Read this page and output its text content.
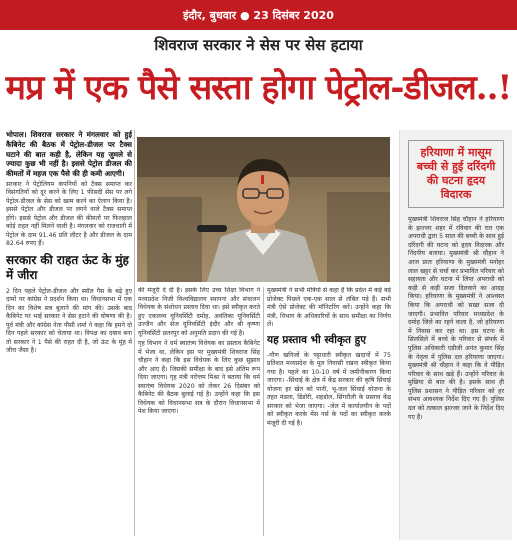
इंदौर, बुधवार ● 23 दिसंबर 2020
शिवराज सरकार ने सेस पर सेस हटाया
मप्र में एक पैसे सस्ता होगा पेट्रोल-डीजल..!

भोपाल। शिवराज सरकार ने मंगलवार को हुई कैबिनेट की बैठक में पेट्रोल-डीजल पर टैक्स घटाने की बात कही है, लेकिन यह जुमले से ज्यादा कुछ भी नहीं है। इससे पेट्रोल डीजल की कीमतों में महज एक पैसे की ही कमी आएगी।

सरकार ने पेट्रोलियम कंपनियों को टैक्स समाप्त कर विसंगतियों को दूर करने के लिए 1 फीसदी सेस पर लगे पेट्रोल-डीजल के सेस को खत्म करने का ऐलान किया है। इससे पेट्रोल और डीजल पर लगने वाले टैक्स समाप्त होंगे। इससे पेट्रोल और डीजल की कीमतों पर फिलहाल कोई राहत नहीं मिलने वाली है। मंगलवार को राजधानी में पेट्रोल के दाम 91.46 प्रति लीटर है और डीजल के दाम 82.64 रुपए हैं।

सरकार की राहत ऊंट के मुंह में जीरा

2 दिन पहले पेट्रोल-डीजल और स्मॉल गैस के बढ़े हुए दामों पर कांग्रेस ने प्रदर्शन किया था। विधानसभा में एक दिन का विशेष सत्र बुलाने की मांग की। उसके बाद कैबिनेट पर भाई सरकार ने सेस हटाने की घोषणा की है। पूर्व मंत्री और कांग्रेस नेता पीसी शर्मा ने कहा कि हमने दो दिन पहले सरकार को चेताया था। विपक्ष का दबाव बना तो सरकार ने 1 पैसे की राहत दी है, जो ऊंट के मुंह में जीरा जैसा है।

की मंजूरी दे दी है। इसके लिए उच्च शिक्षा विभाग ने मध्यप्रदेश निजी विश्वविद्यालय स्थापना और संचालन विधेयक के संशोधन प्रस्ताव दिया था। इसे स्वीकृत करते हुए एकलव्य यूनिवर्सिटी दमोह, अवंतिका यूनिवर्सिटी उज्जैन और सेज यूनिवर्सिटी इंदौर और श्री कृष्णा यूनिवर्सिटी छतरपुर को अनुमति प्रदान की गई है।

गृह विभाग ने धर्म स्वातंत्र्य विधेयक का प्रस्ताव कैबिनेट में भेजा था, लेकिन इस पर मुख्यमंत्री शिवराज सिंह चौहान ने कहा कि इस विधेयक के लिए कुछ सुझाव और आए हैं। जिसकी समीक्षा के बाद इसे अंतिम रूप दिया जाएगा। गृह मंत्री नरोत्तम मिश्रा ने बताया कि धर्म स्वातंत्र्य विधेयक 2020 को लेकर 26 दिसंबर को कैबिनेट की बैठक बुलाई गई है। उन्होंने कहा कि इस विधेयक को विधानसभा सत्र के दौरान विधानसभा में पेश किया जाएगा।

मुख्यमंत्री ने सभी मंत्रियों से कहा है कि प्रदेश में कई बड़े प्रोजेक्ट पिछले एक-एक साल से लंबित पड़े हैं। सभी मंत्री ऐसे प्रोजेक्ट की मॉनिटरिंग करें। उन्होंने कहा कि मंत्री, विभाग के अधिकारियों के साथ समीक्षा का निर्णय लें।

यह प्रस्ताव भी स्वीकृत हुए

-गौण खनिजों के पट्टाधारी स्वीकृत खदानों में 75 प्रतिशत मध्यप्रदेश के मूल निवासी रखना स्वीकृत किया गया है। पहले का 10-10 वर्ष में जमीनीकरण किया जाएगा। -सिंचाई के क्षेत्र में केंद्र सरकार की कृषि सिंचाई योजना हर खेत को पानी, भू-जल सिंचाई योजना के तहत मंडला, डिंडोरी, शहडोल, सिंगरौली के प्रस्ताव केंद्र सरकार को भेजा जाएगा। -जेल में कार्यालयीन के पदों को स्वीकृत करके मेंस नर्स के पदों का स्वीकृत करके मंजूरी दी गई है।

हरियाणा में मासूम बच्ची से हुई दरिंदगी की घटना हृदय विदारक
मुख्यमंत्री शिवराज सिंह चौहान ने हरियाणा के झज्जर शहर में रविवार की रात एक अपराधी द्वारा 5 साल की बच्ची के साथ हुई दरिंदगी की घटना को हृदय विदारक और निंदनीय बताया। मुख्यमंत्री श्री चौहान ने आज प्रातः हरियाणा के मुख्यमंत्री मनोहर लाल खट्टर से चर्चा कर प्रभावित परिवार को सहायता और घटना में लिप्त अपराधी को कड़ी से कड़ी सजा दिलवाने का आग्रह किया। हरियाणा के मुख्यमंत्री ने आश्वस्त किया कि अपराधी को सख्त सजा दी जाएगी। प्रभावित परिवार मध्यप्रदेश के दमोह जिले का रहने वाला है, जो हरियाणा में निवास कर रहा था। इस घटना के सिलसिले में बच्चे के परिवार से संपर्क में पुलिस अधिकारी एडीजी अनंत कुमार सिंह के नेतृत्व में पुलिस दल हरियाणा जाएगा। मुख्यमंत्री श्री चौहान ने कहा कि वे पीड़ित परिवार के साथ खड़े हैं। उन्होंने परिवार के मुखिया से बात की है। इसके साथ ही पुलिस प्रशासन ने पीड़ित परिवार को हर संभव आवश्यक निर्देश दिए गए हैं। पुलिस दल को तत्काल झज्जर जाने के निर्देश दिए गए हैं।
